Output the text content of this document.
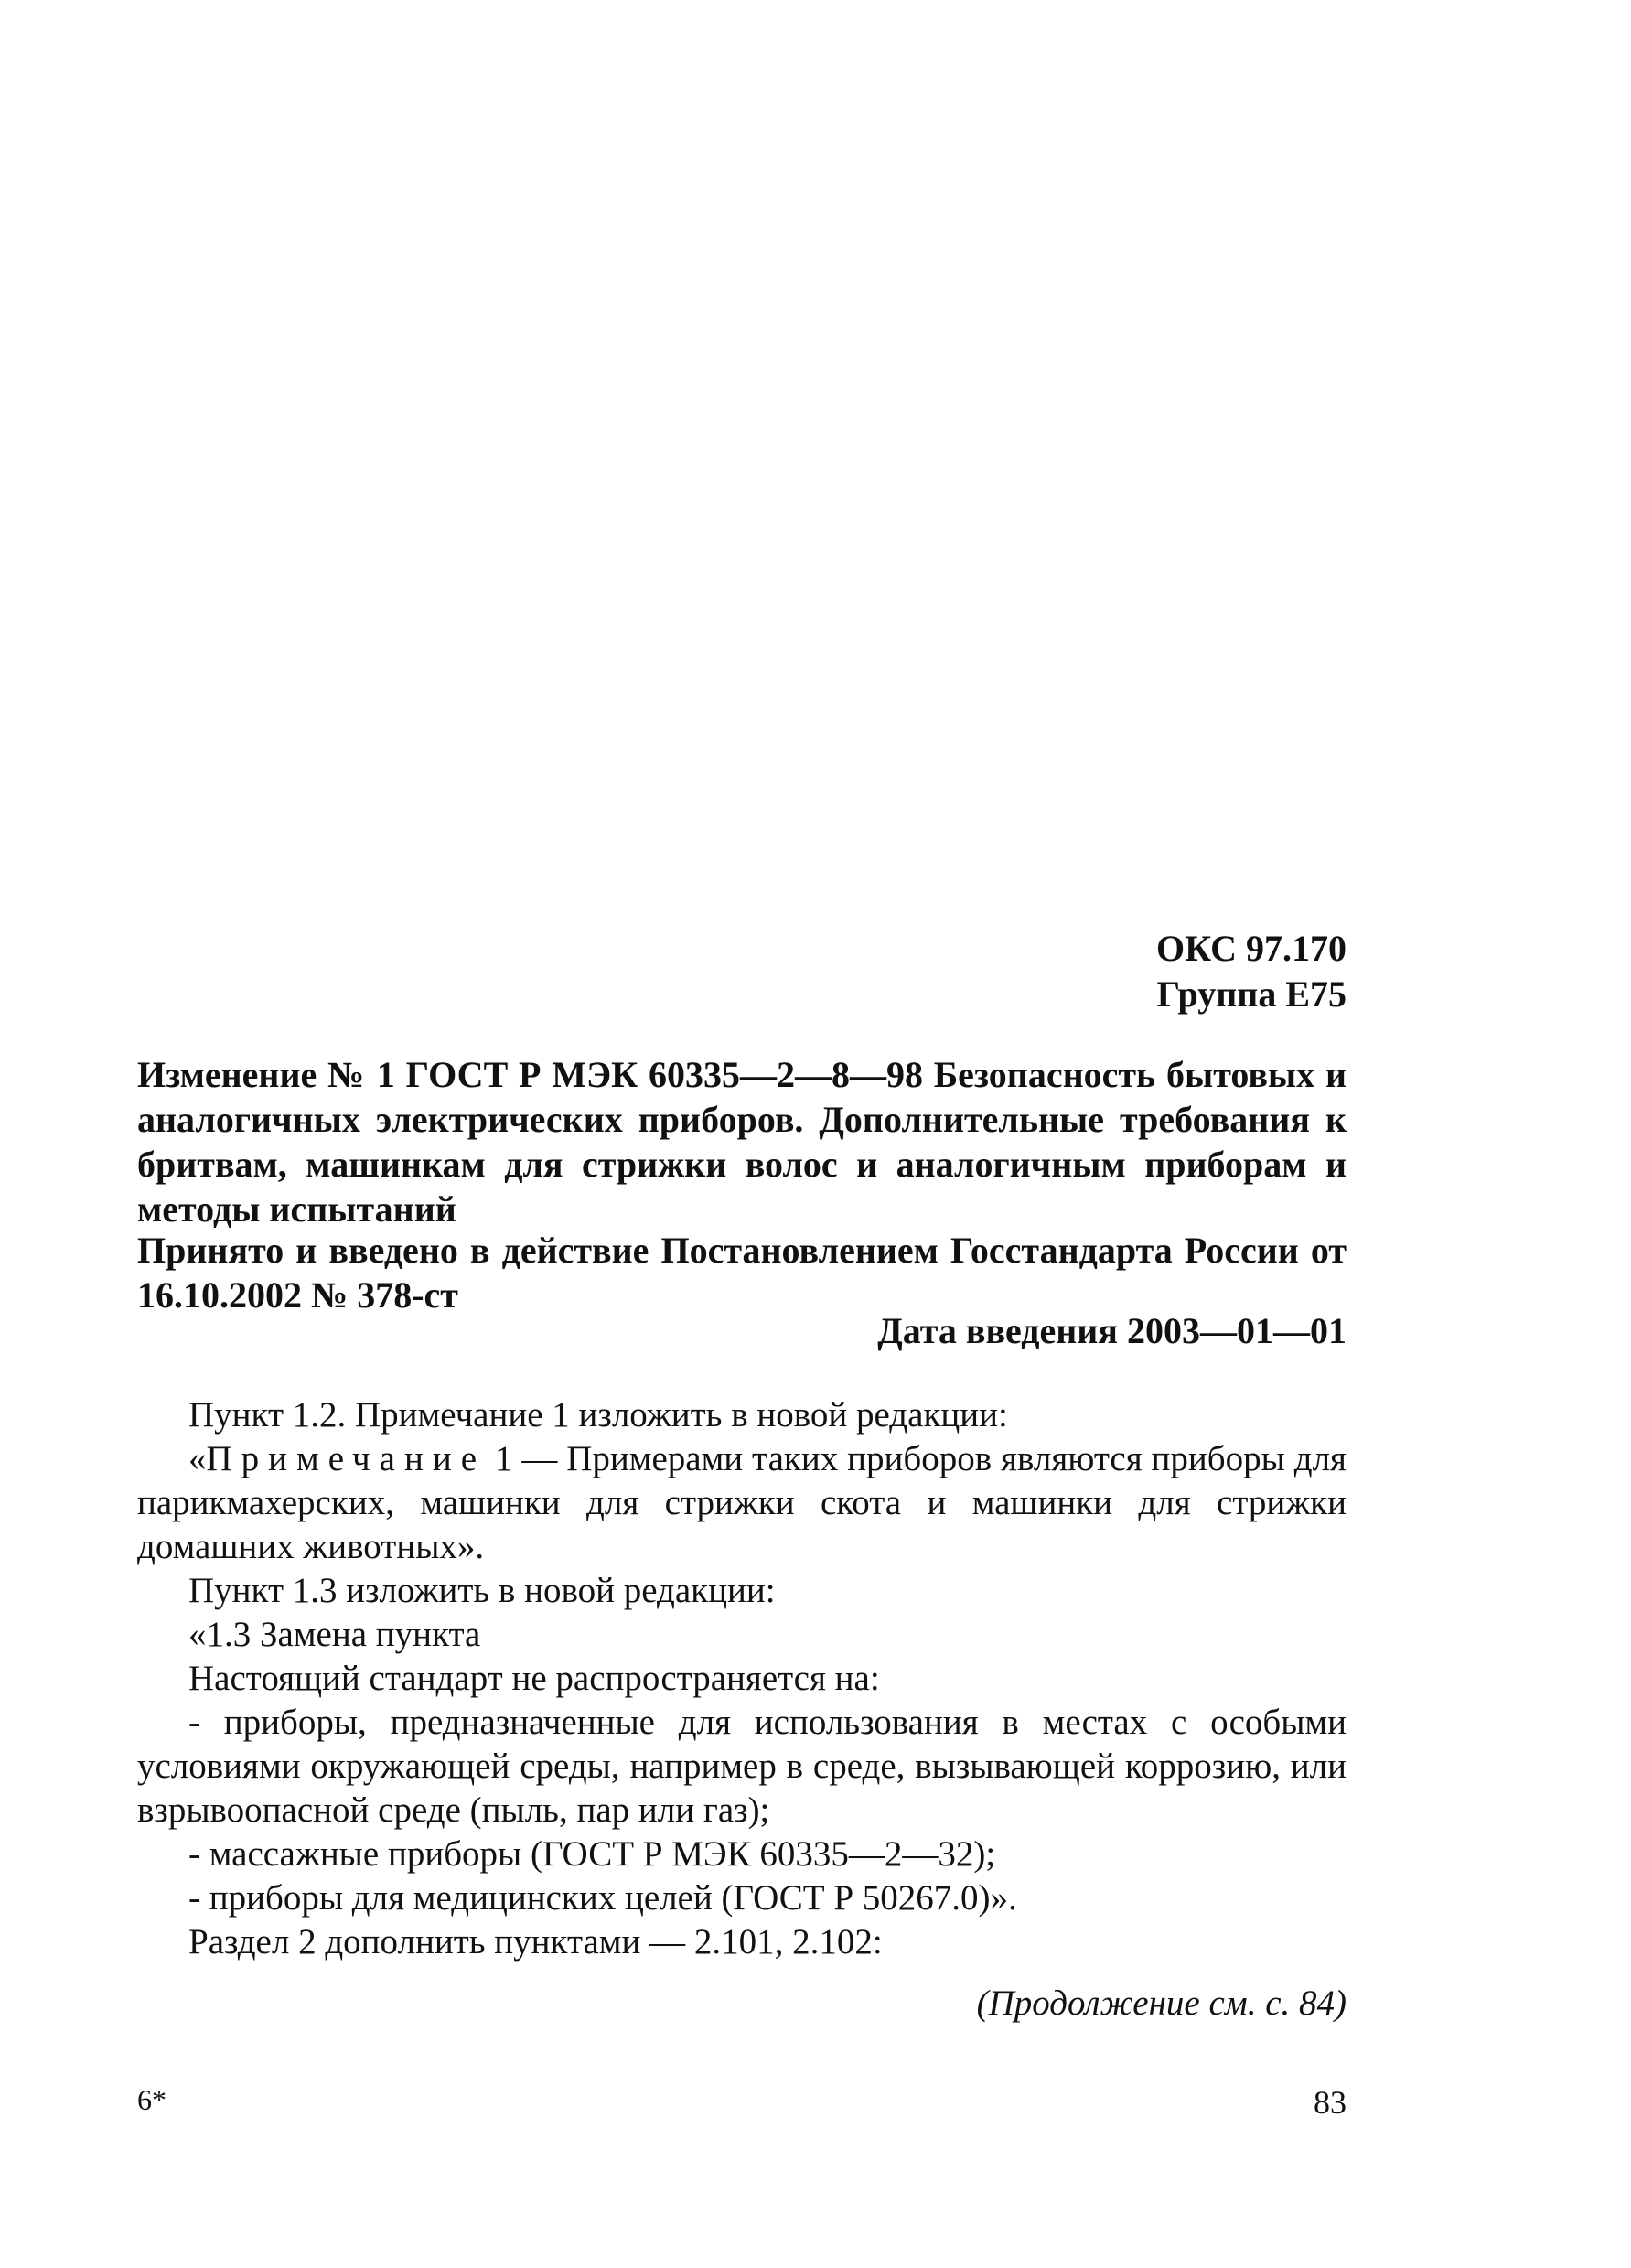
ОКС 97.170
Группа Е75
Изменение № 1 ГОСТ Р МЭК 60335—2—8—98 Безопасность бытовых и аналогичных электрических приборов. Дополнительные требования к бритвам, машинкам для стрижки волос и аналогичным приборам и методы испытаний
Принято и введено в действие Постановлением Госстандарта России от 16.10.2002 № 378-ст
Дата введения 2003—01—01

Пункт 1.2. Примечание 1 изложить в новой редакции:

«Примечание 1 — Примерами таких приборов являются приборы для парикмахерских, машинки для стрижки скота и машинки для стрижки домашних животных».

Пункт 1.3 изложить в новой редакции:

«1.3 Замена пункта

Настоящий стандарт не распространяется на:

- приборы, предназначенные для использования в местах с особыми условиями окружающей среды, например в среде, вызывающей коррозию, или взрывоопасной среде (пыль, пар или газ);

- массажные приборы (ГОСТ Р МЭК 60335—2—32);

- приборы для медицинских целей (ГОСТ Р 50267.0)».

Раздел 2 дополнить пунктами — 2.101, 2.102:

(Продолжение см. с. 84)
6*	83
